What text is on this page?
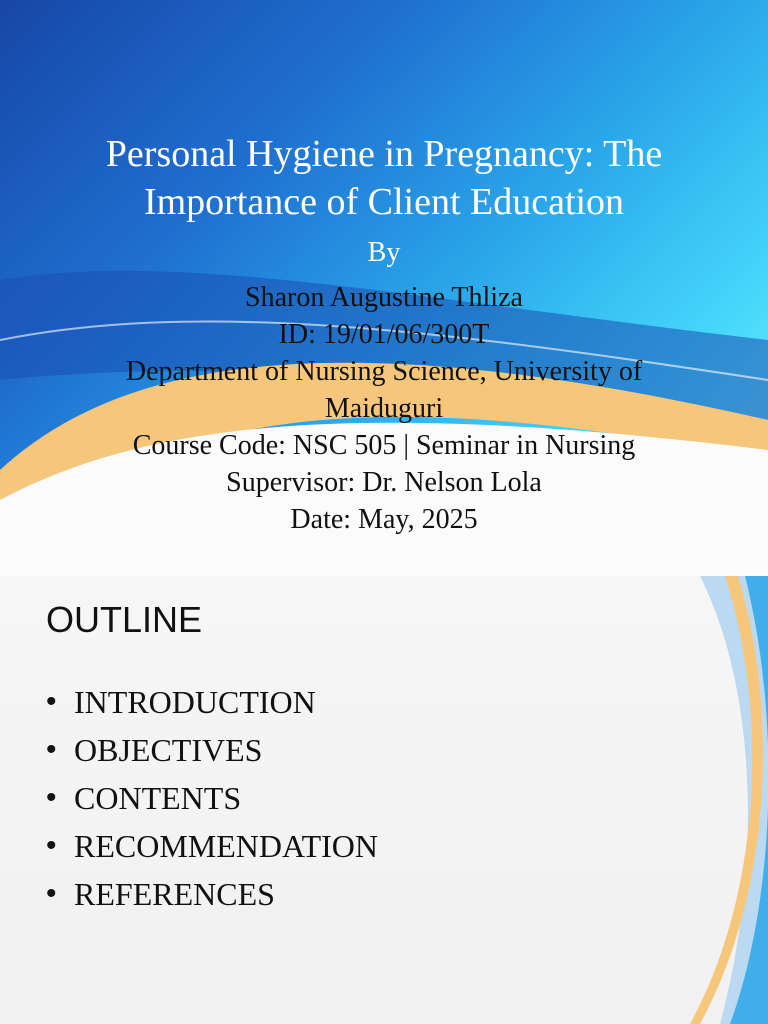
Personal Hygiene in Pregnancy: The Importance of Client Education
By
Sharon Augustine Thliza
ID: 19/01/06/300T
Department of Nursing Science, University of Maiduguri
Course Code: NSC 505 | Seminar in Nursing
Supervisor: Dr. Nelson Lola
Date: May, 2025
OUTLINE
• INTRODUCTION
• OBJECTIVES
• CONTENTS
• RECOMMENDATION
• REFERENCES
